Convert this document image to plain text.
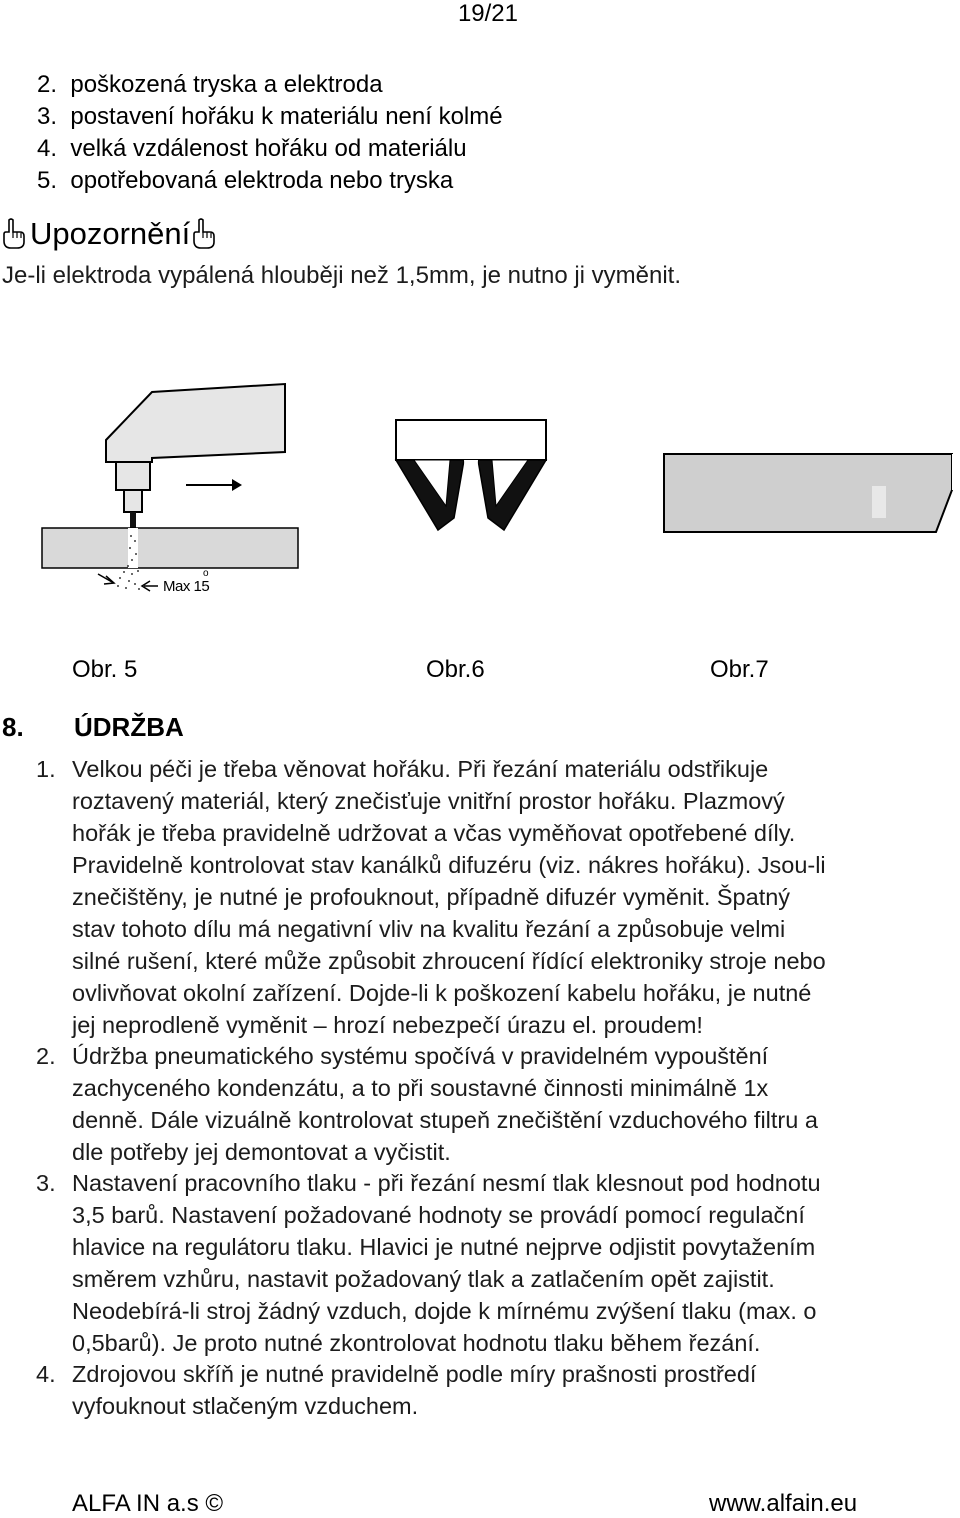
19/21
2. poškozená tryska a elektroda
3. postavení hořáku k materiálu není kolmé
4. velká vzdálenost hořáku od materiálu
5. opotřebovaná elektroda nebo tryska
Upozornění
Je-li elektroda vypálená hlouběji než 1,5mm, je nutno ji vyměnit.
Max 15
o
Obr. 5	Obr.6	Obr.7
8. ÚDRŽBA
1. Velkou péči je třeba věnovat hořáku. Při řezání materiálu odstřikuje
roztavený materiál, který znečisťuje vnitřní prostor hořáku. Plazmový
hořák je třeba pravidelně udržovat a včas vyměňovat opotřebené díly.
Pravidelně kontrolovat stav kanálků difuzéru (viz. nákres hořáku). Jsou-li
znečištěny, je nutné je profouknout, případně difuzér vyměnit. Špatný
stav tohoto dílu má negativní vliv na kvalitu řezání a způsobuje velmi
silné rušení, které může způsobit zhroucení řídící elektroniky stroje nebo
ovlivňovat okolní zařízení. Dojde-li k poškození kabelu hořáku, je nutné
jej neprodleně vyměnit – hrozí nebezpečí úrazu el. proudem!
2. Údržba pneumatického systému spočívá v pravidelném vypouštění
zachyceného kondenzátu, a to při soustavné činnosti minimálně 1x
denně. Dále vizuálně kontrolovat stupeň znečištění vzduchového filtru a
dle potřeby jej demontovat a vyčistit.
3. Nastavení pracovního tlaku - při řezání nesmí tlak klesnout pod hodnotu
3,5 barů. Nastavení požadované hodnoty se provádí pomocí regulační
hlavice na regulátoru tlaku. Hlavici je nutné nejprve odjistit povytažením
směrem vzhůru, nastavit požadovaný tlak a zatlačením opět zajistit.
Neodebírá-li stroj žádný vzduch, dojde k mírnému zvýšení tlaku (max. o
0,5barů). Je proto nutné zkontrolovat hodnotu tlaku během řezání.
4. Zdrojovou skříň je nutné pravidelně podle míry prašnosti prostředí
vyfouknout stlačeným vzduchem.
ALFA IN a.s ©	www.alfain.eu
